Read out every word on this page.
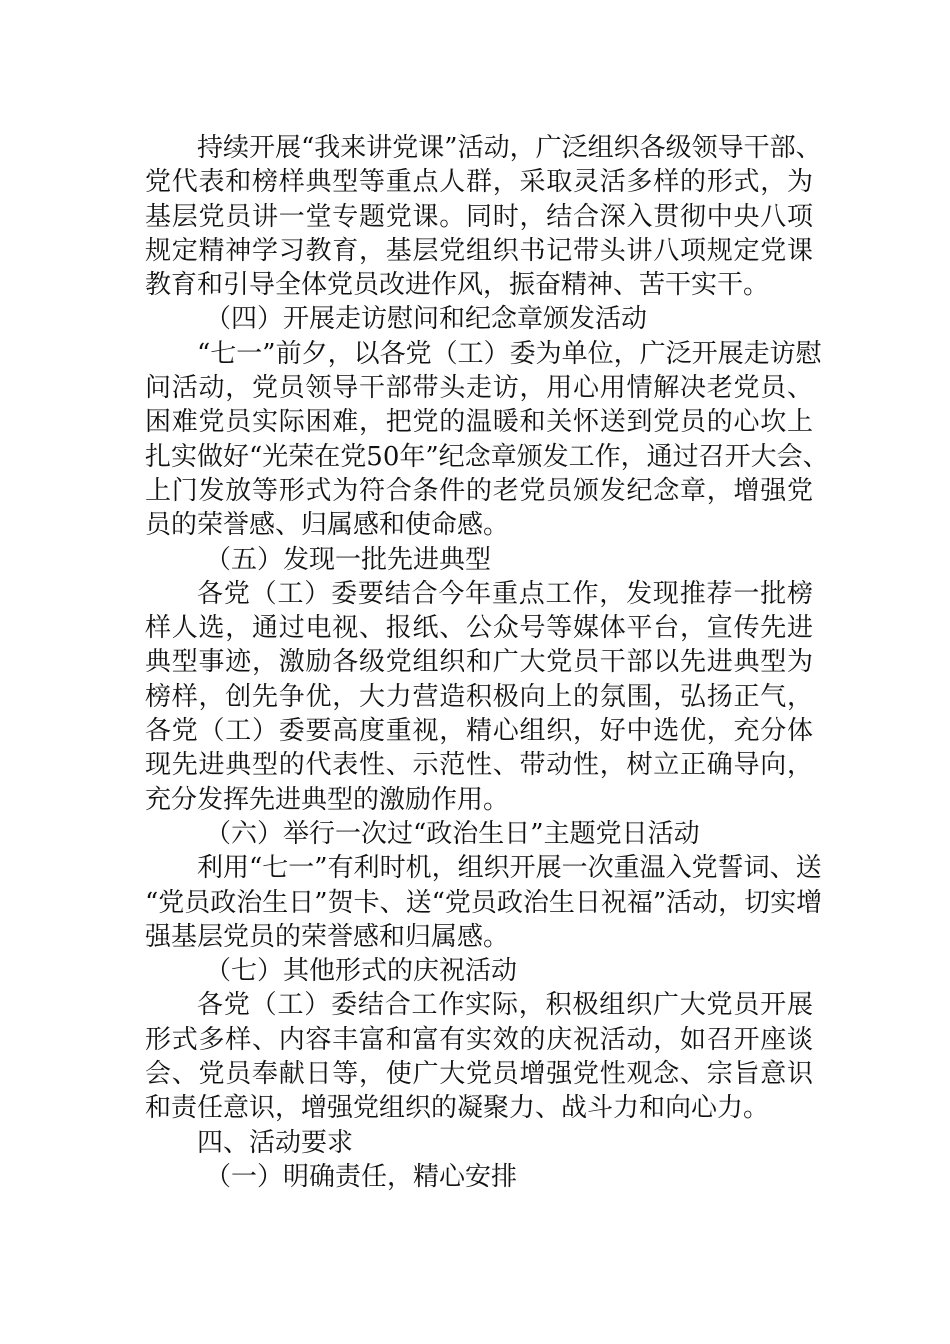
持续开展“我来讲党课”活动，广泛组织各级领导干部、
党代表和榜样典型等重点人群，采取灵活多样的形式，为
基层党员讲一堂专题党课。同时，结合深入贯彻中央八项
规定精神学习教育，基层党组织书记带头讲八项规定党课
教育和引导全体党员改进作风，振奋精神、苦干实干。
（四）开展走访慰问和纪念章颁发活动
“七一”前夕，以各党（工）委为单位，广泛开展走访慰
问活动，党员领导干部带头走访，用心用情解决老党员、
困难党员实际困难，把党的温暖和关怀送到党员的心坎上
扎实做好“光荣在党50年”纪念章颁发工作，通过召开大会、
上门发放等形式为符合条件的老党员颁发纪念章，增强党
员的荣誉感、归属感和使命感。
（五）发现一批先进典型
各党（工）委要结合今年重点工作，发现推荐一批榜
样人选，通过电视、报纸、公众号等媒体平台，宣传先进
典型事迹，激励各级党组织和广大党员干部以先进典型为
榜样，创先争优，大力营造积极向上的氛围，弘扬正气，
各党（工）委要高度重视，精心组织，好中选优，充分体
现先进典型的代表性、示范性、带动性，树立正确导向，
充分发挥先进典型的激励作用。
（六）举行一次过“政治生日”主题党日活动
利用“七一”有利时机，组织开展一次重温入党誓词、送
“党员政治生日”贺卡、送“党员政治生日祝福”活动，切实增
强基层党员的荣誉感和归属感。
（七）其他形式的庆祝活动
各党（工）委结合工作实际，积极组织广大党员开展
形式多样、内容丰富和富有实效的庆祝活动，如召开座谈
会、党员奉献日等，使广大党员增强党性观念、宗旨意识
和责任意识，增强党组织的凝聚力、战斗力和向心力。
四、活动要求
（一）明确责任，精心安排
